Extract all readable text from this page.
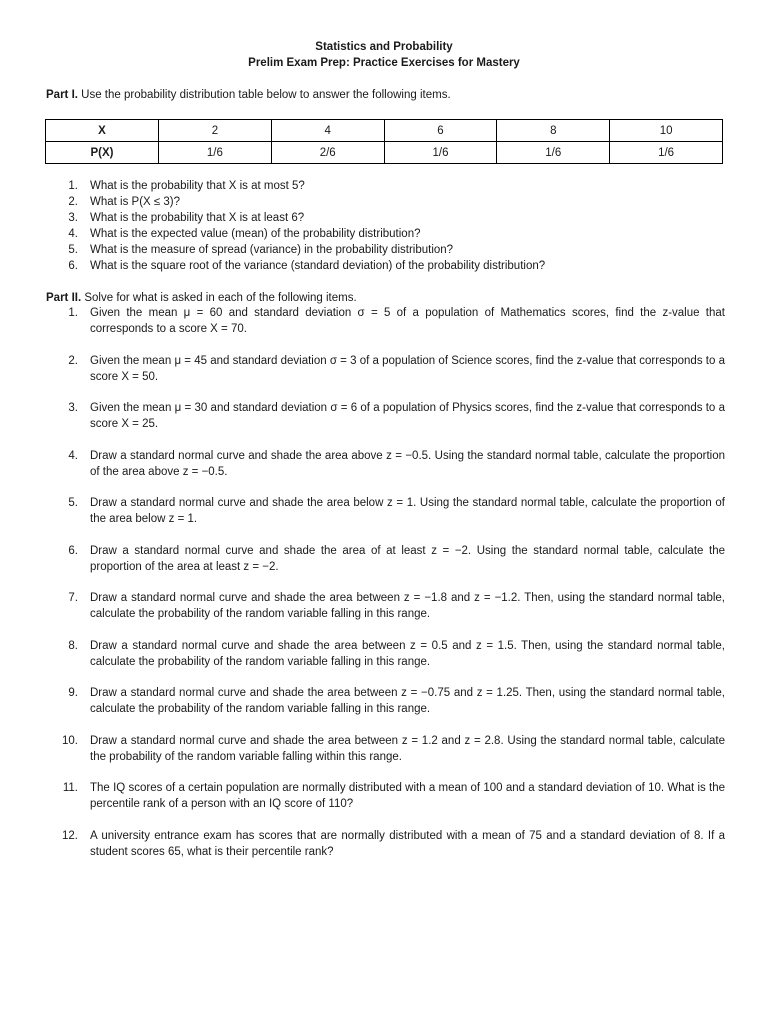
Statistics and Probability
Prelim Exam Prep: Practice Exercises for Mastery
Part I. Use the probability distribution table below to answer the following items.
X	2	4	6	8	10
P(X)	1/6	2/6	1/6	1/6	1/6
1. What is the probability that X is at most 5?
2. What is P(X ≤ 3)?
3. What is the probability that X is at least 6?
4. What is the expected value (mean) of the probability distribution?
5. What is the measure of spread (variance) in the probability distribution?
6. What is the square root of the variance (standard deviation) of the probability distribution?
Part II. Solve for what is asked in each of the following items.
1. Given the mean μ = 60 and standard deviation σ = 5 of a population of Mathematics scores, find the z-value that corresponds to a score X = 70.
2. Given the mean μ = 45 and standard deviation σ = 3 of a population of Science scores, find the z-value that corresponds to a score X = 50.
3. Given the mean μ = 30 and standard deviation σ = 6 of a population of Physics scores, find the z-value that corresponds to a score X = 25.
4. Draw a standard normal curve and shade the area above z = −0.5. Using the standard normal table, calculate the proportion of the area above z = −0.5.
5. Draw a standard normal curve and shade the area below z = 1. Using the standard normal table, calculate the proportion of the area below z = 1.
6. Draw a standard normal curve and shade the area of at least z = −2. Using the standard normal table, calculate the proportion of the area at least z = −2.
7. Draw a standard normal curve and shade the area between z = −1.8 and z = −1.2. Then, using the standard normal table, calculate the probability of the random variable falling in this range.
8. Draw a standard normal curve and shade the area between z = 0.5 and z = 1.5. Then, using the standard normal table, calculate the probability of the random variable falling in this range.
9. Draw a standard normal curve and shade the area between z = −0.75 and z = 1.25. Then, using the standard normal table, calculate the probability of the random variable falling in this range.
10. Draw a standard normal curve and shade the area between z = 1.2 and z = 2.8. Using the standard normal table, calculate the probability of the random variable falling within this range.
11. The IQ scores of a certain population are normally distributed with a mean of 100 and a standard deviation of 10. What is the percentile rank of a person with an IQ score of 110?
12. A university entrance exam has scores that are normally distributed with a mean of 75 and a standard deviation of 8. If a student scores 65, what is their percentile rank?
